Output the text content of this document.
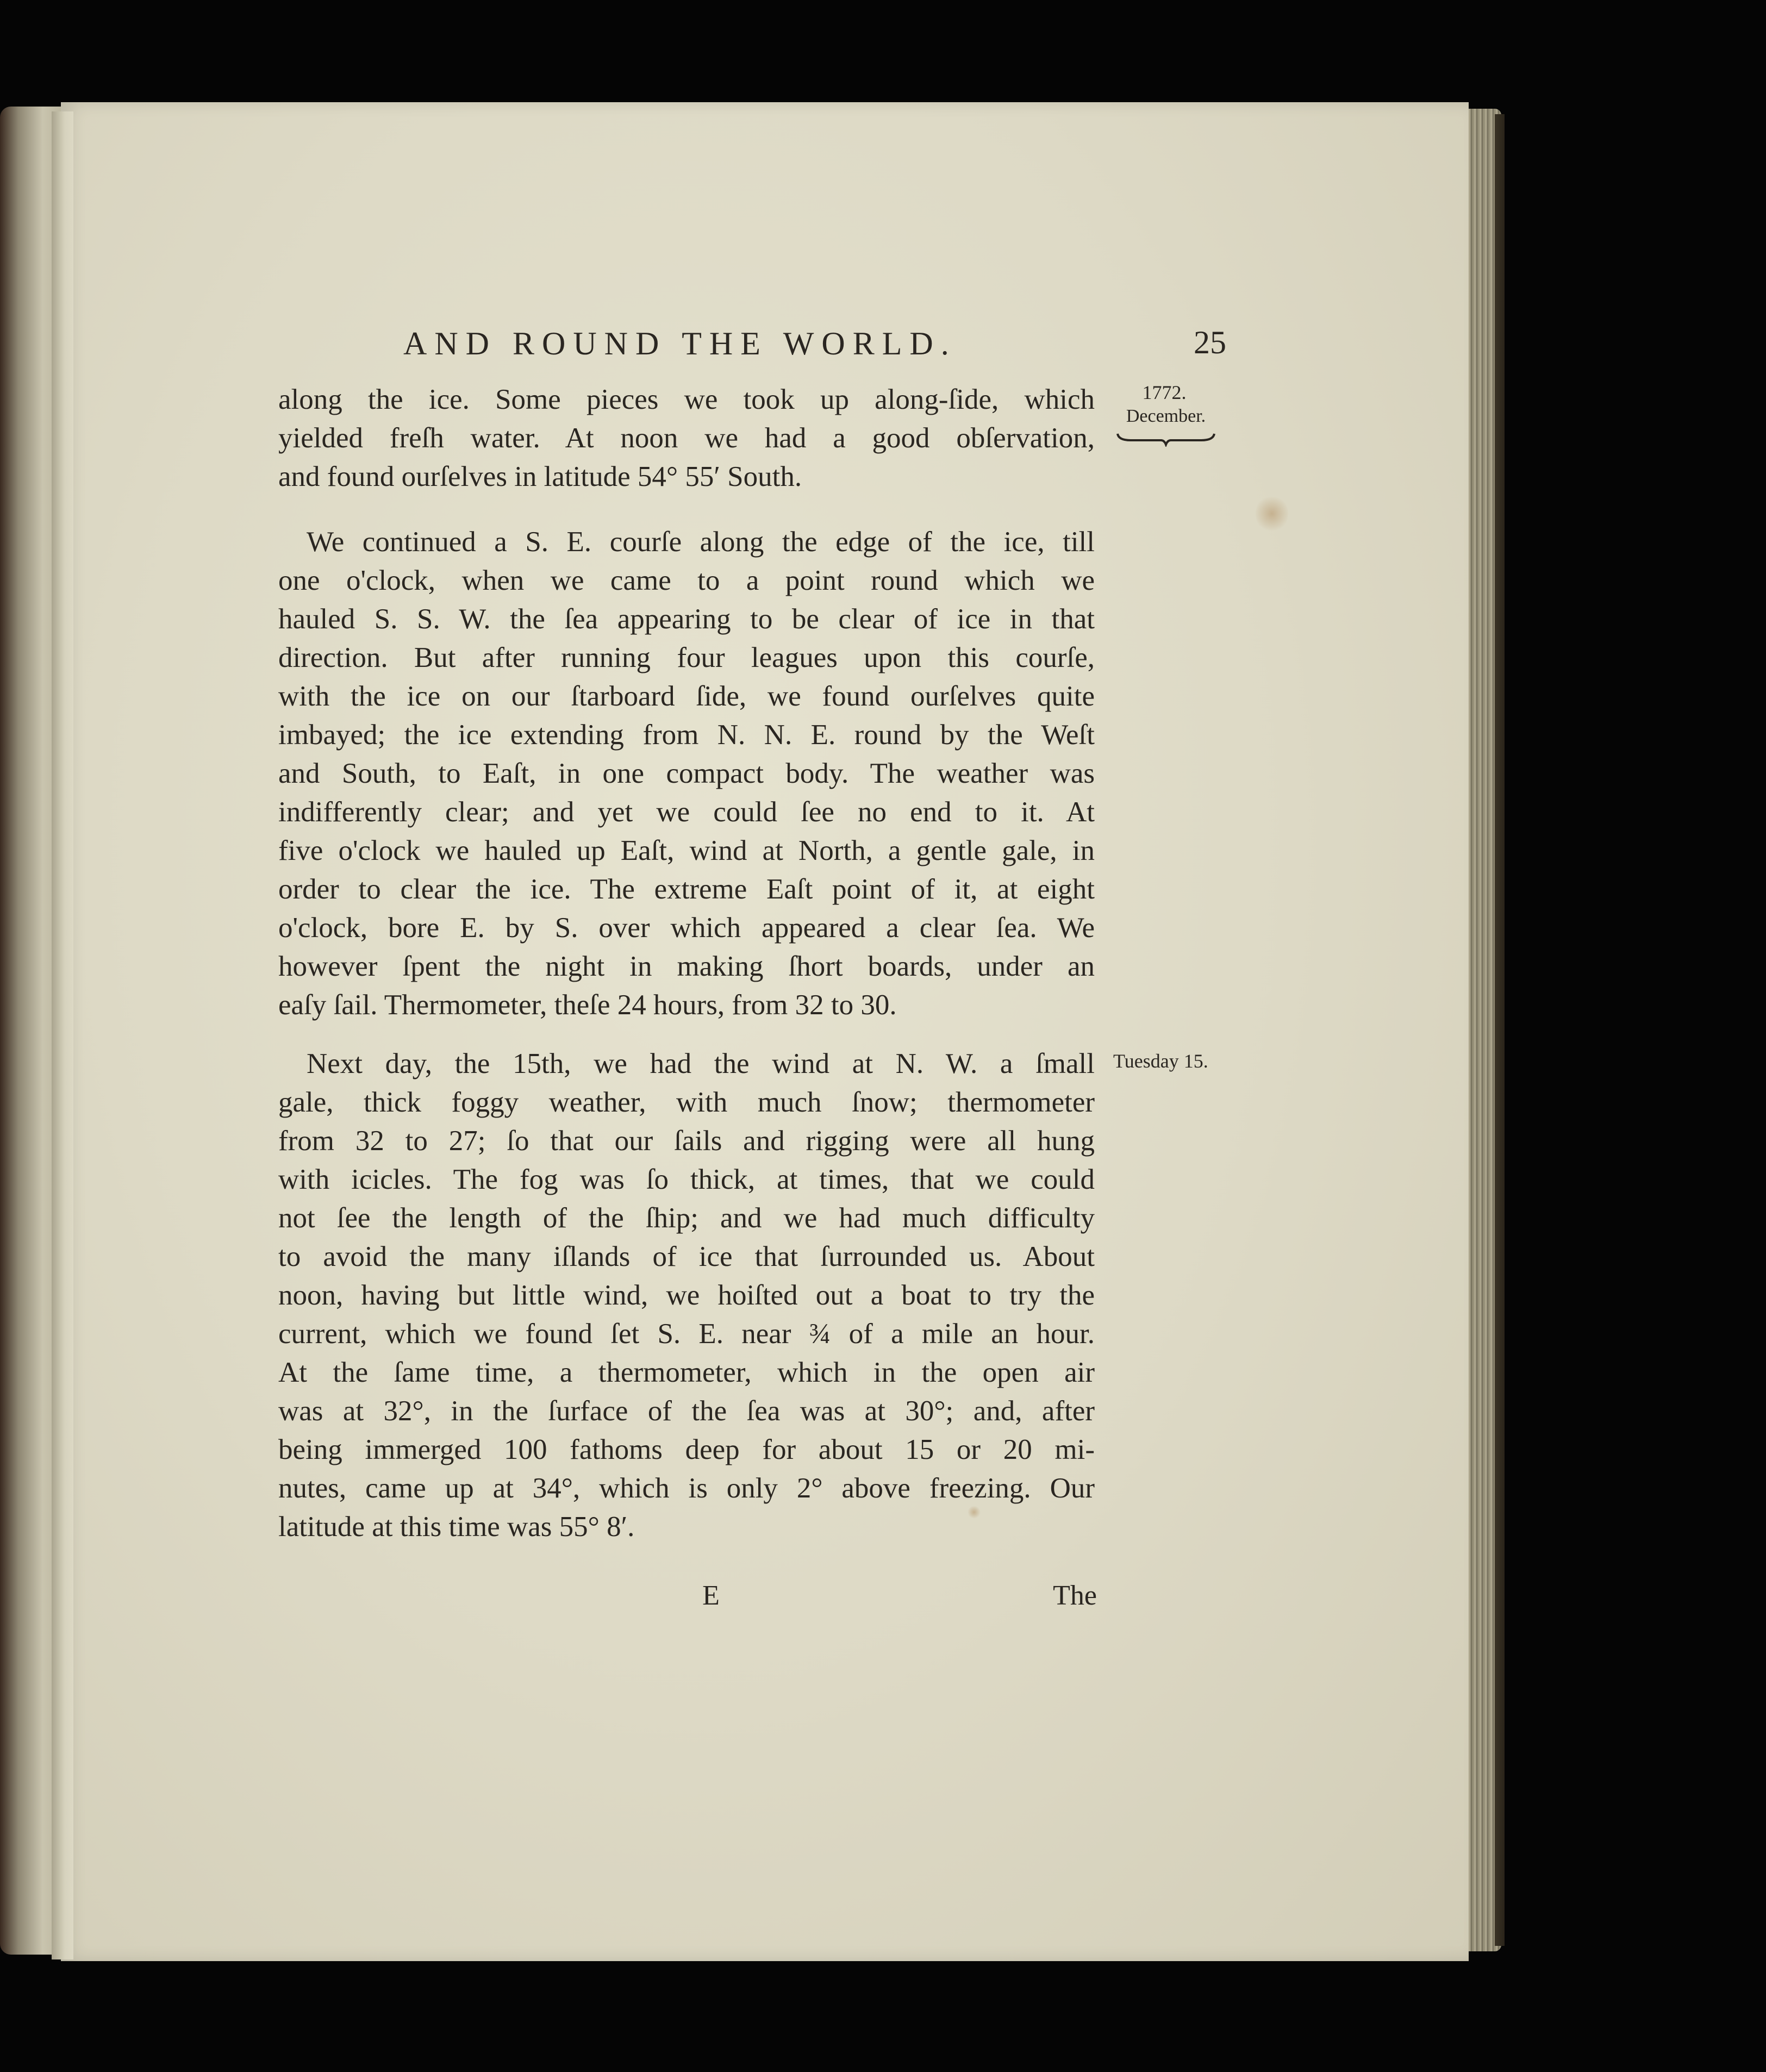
AND ROUND THE WORLD.	25
1772.
December.
Tuesday 15.

along the ice. Some pieces we took up along-ſide, which
yielded freſh water. At noon we had a good obſervation,
and found ourſelves in latitude 54° 55′ South.

We continued a S. E. courſe along the edge of the ice, till
one o'clock, when we came to a point round which we
hauled S. S. W. the ſea appearing to be clear of ice in that
direction. But after running four leagues upon this courſe,
with the ice on our ſtarboard ſide, we found ourſelves quite
imbayed; the ice extending from N. N. E. round by the Weſt
and South, to Eaſt, in one compact body. The weather was
indifferently clear; and yet we could ſee no end to it. At
five o'clock we hauled up Eaſt, wind at North, a gentle gale, in
order to clear the ice. The extreme Eaſt point of it, at eight
o'clock, bore E. by S. over which appeared a clear ſea. We
however ſpent the night in making ſhort boards, under an
eaſy ſail. Thermometer, theſe 24 hours, from 32 to 30.

Next day, the 15th, we had the wind at N. W. a ſmall
gale, thick foggy weather, with much ſnow; thermometer
from 32 to 27; ſo that our ſails and rigging were all hung
with icicles. The fog was ſo thick, at times, that we could
not ſee the length of the ſhip; and we had much difficulty
to avoid the many iſlands of ice that ſurrounded us. About
noon, having but little wind, we hoiſted out a boat to try the
current, which we found ſet S. E. near ¾ of a mile an hour.
At the ſame time, a thermometer, which in the open air
was at 32°, in the ſurface of the ſea was at 30°; and, after
being immerged 100 fathoms deep for about 15 or 20 mi-
nutes, came up at 34°, which is only 2° above freezing. Our
latitude at this time was 55° 8′.

E	The
